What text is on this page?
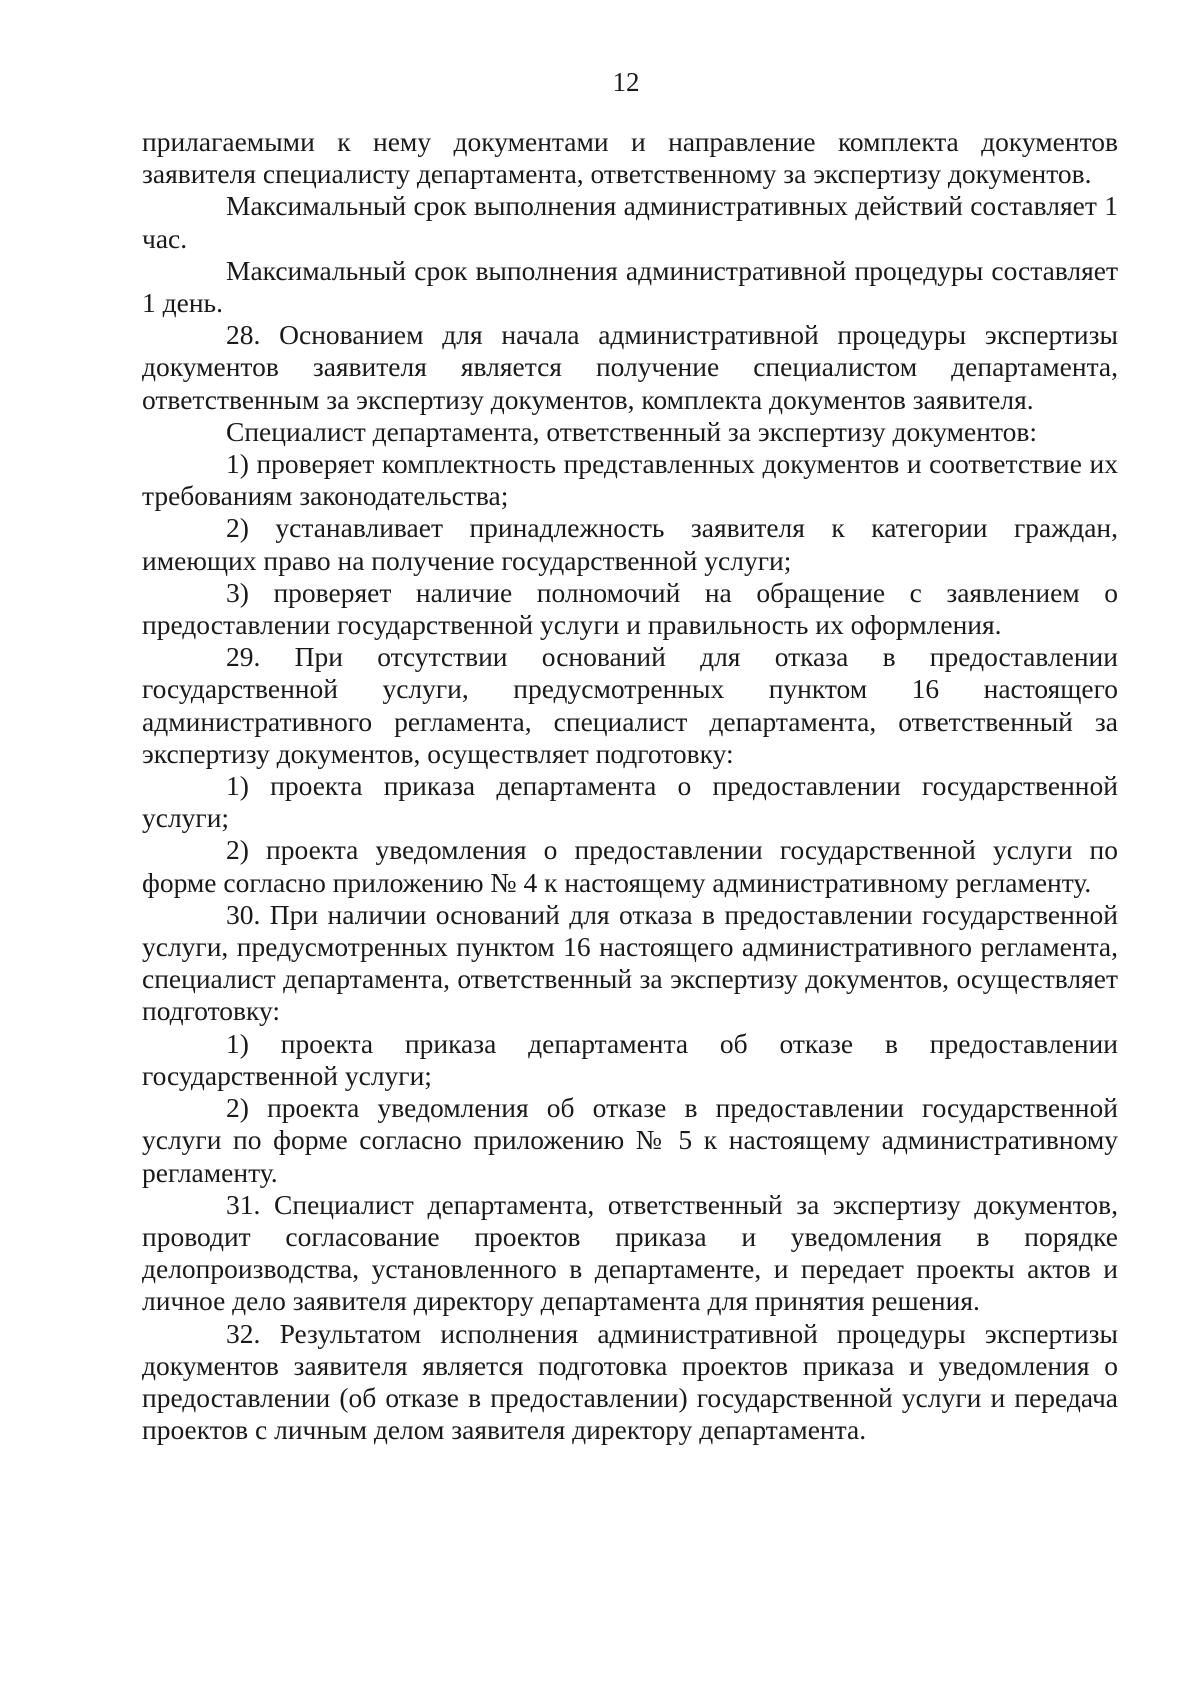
12

прилагаемыми к нему документами и направление комплекта документов заявителя специалисту департамента, ответственному за экспертизу документов.

Максимальный срок выполнения административных действий составляет 1 час.

Максимальный срок выполнения административной процедуры составляет 1 день.

28. Основанием для начала административной процедуры экспертизы документов заявителя является получение специалистом департамента, ответственным за экспертизу документов, комплекта документов заявителя.

Специалист департамента, ответственный за экспертизу документов:

1) проверяет комплектность представленных документов и соответствие их требованиям законодательства;

2) устанавливает принадлежность заявителя к категории граждан, имеющих право на получение государственной услуги;

3) проверяет наличие полномочий на обращение с заявлением о предоставлении государственной услуги и правильность их оформления.

29. При отсутствии оснований для отказа в предоставлении государственной услуги, предусмотренных пунктом 16 настоящего административного регламента, специалист департамента, ответственный за экспертизу документов, осуществляет подготовку:

1) проекта приказа департамента о предоставлении государственной услуги;

2) проекта уведомления о предоставлении государственной услуги по форме согласно приложению № 4 к настоящему административному регламенту.

30. При наличии оснований для отказа в предоставлении государственной услуги, предусмотренных пунктом 16 настоящего административного регламента, специалист департамента, ответственный за экспертизу документов, осуществляет подготовку:

1) проекта приказа департамента об отказе в предоставлении государственной услуги;

2) проекта уведомления об отказе в предоставлении государственной услуги по форме согласно приложению № 5 к настоящему административному регламенту.

31. Специалист департамента, ответственный за экспертизу документов, проводит согласование проектов приказа и уведомления в порядке делопроизводства, установленного в департаменте, и передает проекты актов и личное дело заявителя директору департамента для принятия решения.

32. Результатом исполнения административной процедуры экспертизы документов заявителя является подготовка проектов приказа и уведомления о предоставлении (об отказе в предоставлении) государственной услуги и передача проектов с личным делом заявителя директору департамента.
